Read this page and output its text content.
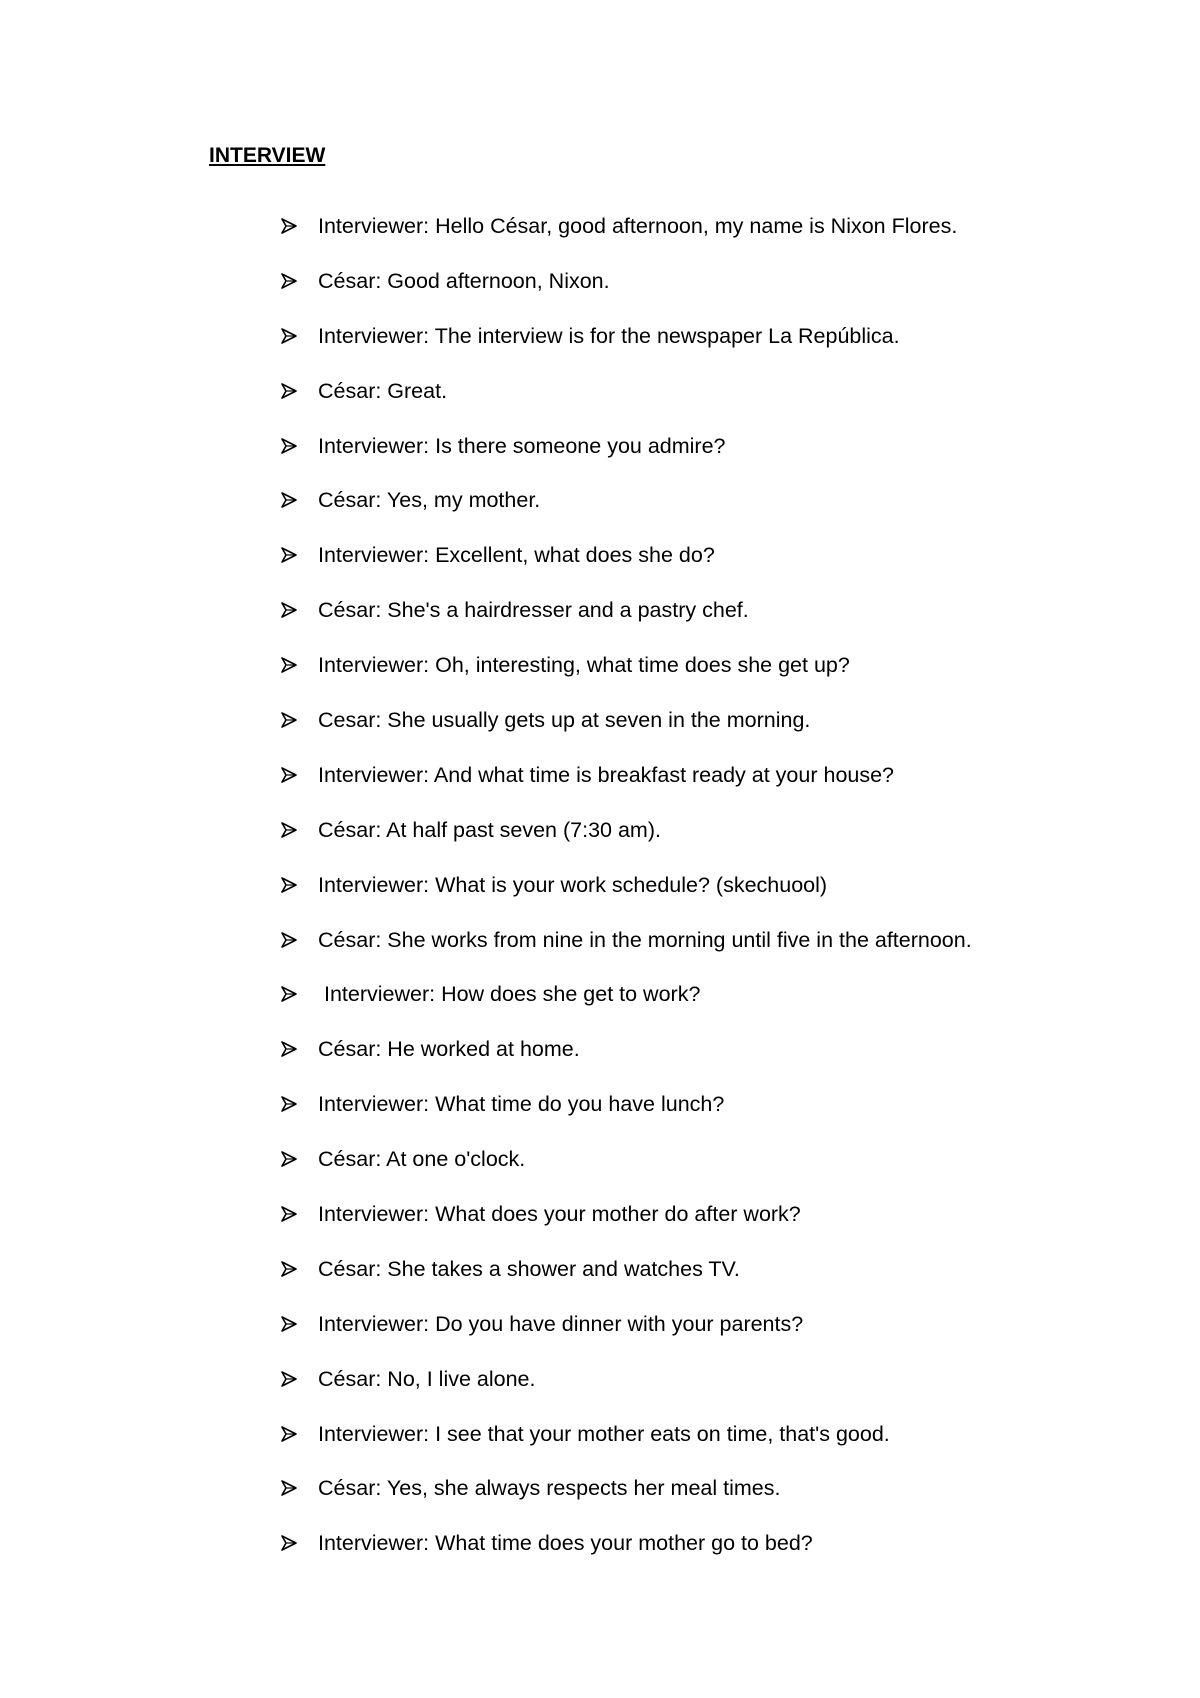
INTERVIEW
Interviewer: Hello César, good afternoon, my name is Nixon Flores.
César: Good afternoon, Nixon.
Interviewer: The interview is for the newspaper La República.
César: Great.
Interviewer: Is there someone you admire?
César: Yes, my mother.
Interviewer: Excellent, what does she do?
César: She's a hairdresser and a pastry chef.
Interviewer: Oh, interesting, what time does she get up?
Cesar: She usually gets up at seven in the morning.
Interviewer: And what time is breakfast ready at your house?
César: At half past seven (7:30 am).
Interviewer: What is your work schedule? (skechuool)
César: She works from nine in the morning until five in the afternoon.
Interviewer: How does she get to work?
César: He worked at home.
Interviewer: What time do you have lunch?
César: At one o'clock.
Interviewer: What does your mother do after work?
César: She takes a shower and watches TV.
Interviewer: Do you have dinner with your parents?
César: No, I live alone.
Interviewer: I see that your mother eats on time, that's good.
César: Yes, she always respects her meal times.
Interviewer: What time does your mother go to bed?
